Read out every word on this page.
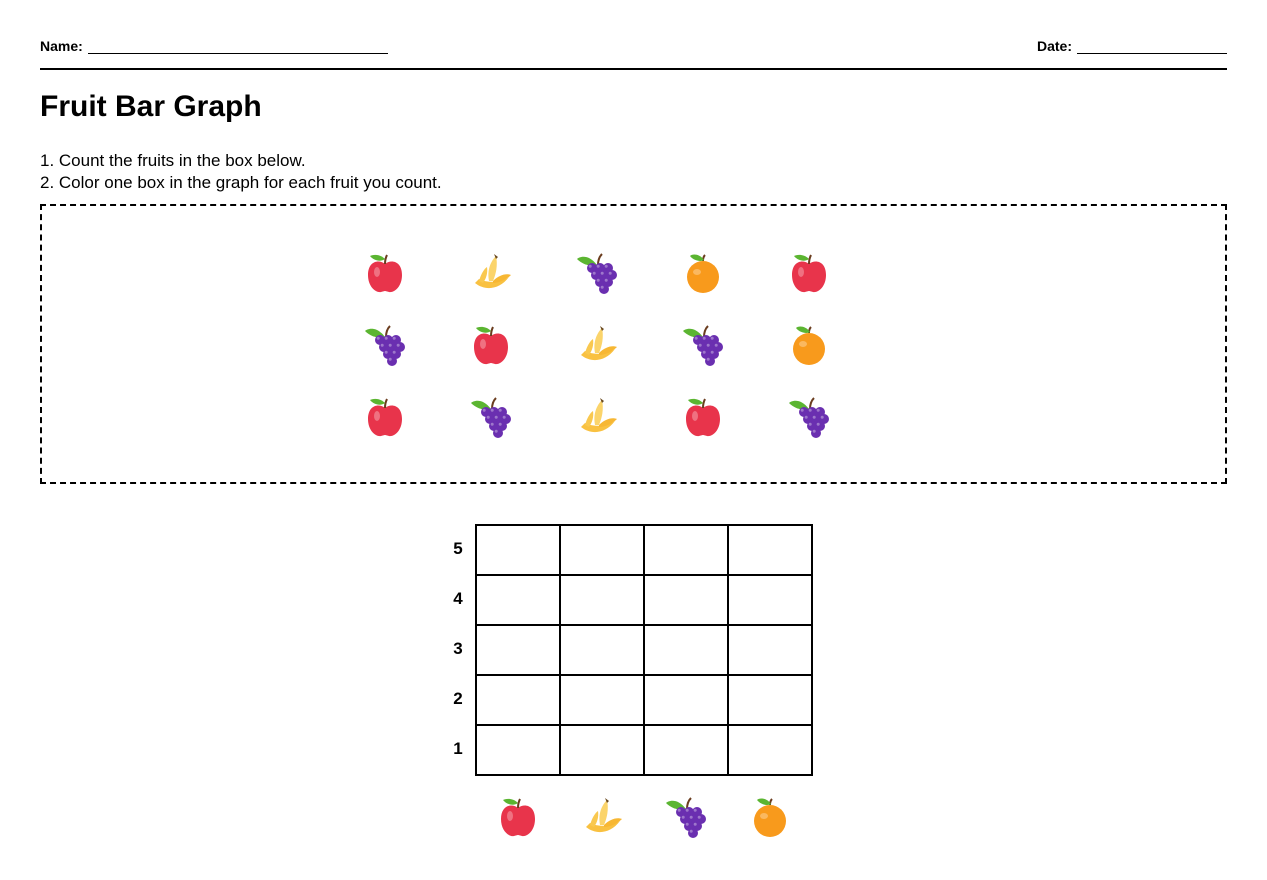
Name:	Date:
Fruit Bar Graph
1. Count the fruits in the box below.
2. Color one box in the graph for each fruit you count.

5
4
3
2
1
